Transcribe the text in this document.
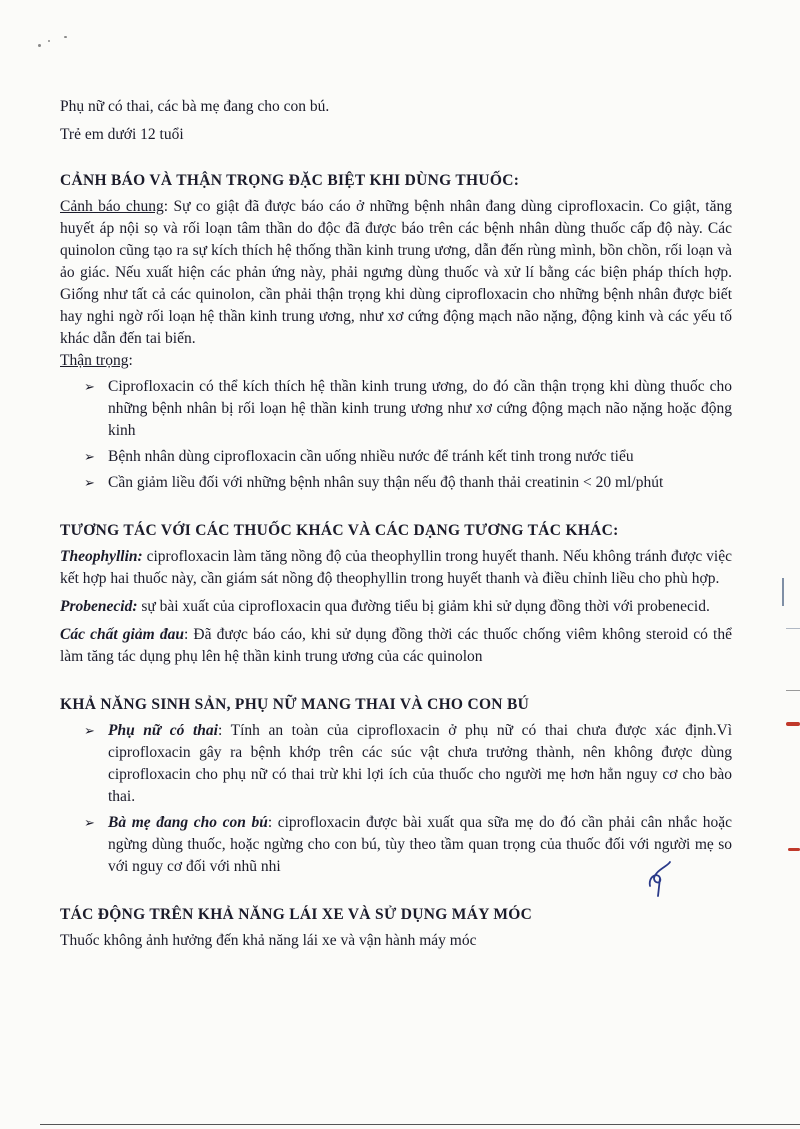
Phụ nữ có thai, các bà mẹ đang cho con bú.

Trẻ em dưới 12 tuổi

CẢNH BÁO VÀ THẬN TRỌNG ĐẶC BIỆT KHI DÙNG THUỐC:

Cảnh báo chung: Sự co giật đã được báo cáo ở những bệnh nhân đang dùng ciprofloxacin. Co giật, tăng huyết áp nội sọ và rối loạn tâm thần do độc đã được báo trên các bệnh nhân dùng thuốc cấp độ này. Các quinolon cũng tạo ra sự kích thích hệ thống thần kinh trung ương, dẫn đến rùng mình, bồn chồn, rối loạn và ảo giác. Nếu xuất hiện các phản ứng này, phải ngưng dùng thuốc và xử lí bằng các biện pháp thích hợp. Giống như tất cả các quinolon, cần phải thận trọng khi dùng ciprofloxacin cho những bệnh nhân được biết hay nghi ngờ rối loạn hệ thần kinh trung ương, như xơ cứng động mạch não nặng, động kinh và các yếu tố khác dẫn đến tai biến.

Thận trọng:

➢ Ciprofloxacin có thể kích thích hệ thần kinh trung ương, do đó cần thận trọng khi dùng thuốc cho những bệnh nhân bị rối loạn hệ thần kinh trung ương như xơ cứng động mạch não nặng hoặc động kinh
➢ Bệnh nhân dùng ciprofloxacin cần uống nhiều nước để tránh kết tinh trong nước tiểu
➢ Cần giảm liều đối với những bệnh nhân suy thận nếu độ thanh thải creatinin < 20 ml/phút
TƯƠNG TÁC VỚI CÁC THUỐC KHÁC VÀ CÁC DẠNG TƯƠNG TÁC KHÁC:

Theophyllin: ciprofloxacin làm tăng nồng độ của theophyllin trong huyết thanh. Nếu không tránh được việc kết hợp hai thuốc này, cần giám sát nồng độ theophyllin trong huyết thanh và điều chỉnh liều cho phù hợp.

Probenecid: sự bài xuất của ciprofloxacin qua đường tiểu bị giảm khi sử dụng đồng thời với probenecid.

Các chất giảm đau: Đã được báo cáo, khi sử dụng đồng thời các thuốc chống viêm không steroid có thể làm tăng tác dụng phụ lên hệ thần kinh trung ương của các quinolon

KHẢ NĂNG SINH SẢN, PHỤ NỮ MANG THAI VÀ CHO CON BÚ
➢ Phụ nữ có thai: Tính an toàn của ciprofloxacin ở phụ nữ có thai chưa được xác định.Vì ciprofloxacin gây ra bệnh khớp trên các súc vật chưa trưởng thành, nên không được dùng ciprofloxacin cho phụ nữ có thai trừ khi lợi ích của thuốc cho người mẹ hơn hẳn nguy cơ cho bào thai.
➢ Bà mẹ đang cho con bú: ciprofloxacin được bài xuất qua sữa mẹ do đó cần phải cân nhắc hoặc ngừng dùng thuốc, hoặc ngừng cho con bú, tùy theo tầm quan trọng của thuốc đối với người mẹ so với nguy cơ đối với nhũ nhi
TÁC ĐỘNG TRÊN KHẢ NĂNG LÁI XE VÀ SỬ DỤNG MÁY MÓC

Thuốc không ảnh hưởng đến khả năng lái xe và vận hành máy móc
